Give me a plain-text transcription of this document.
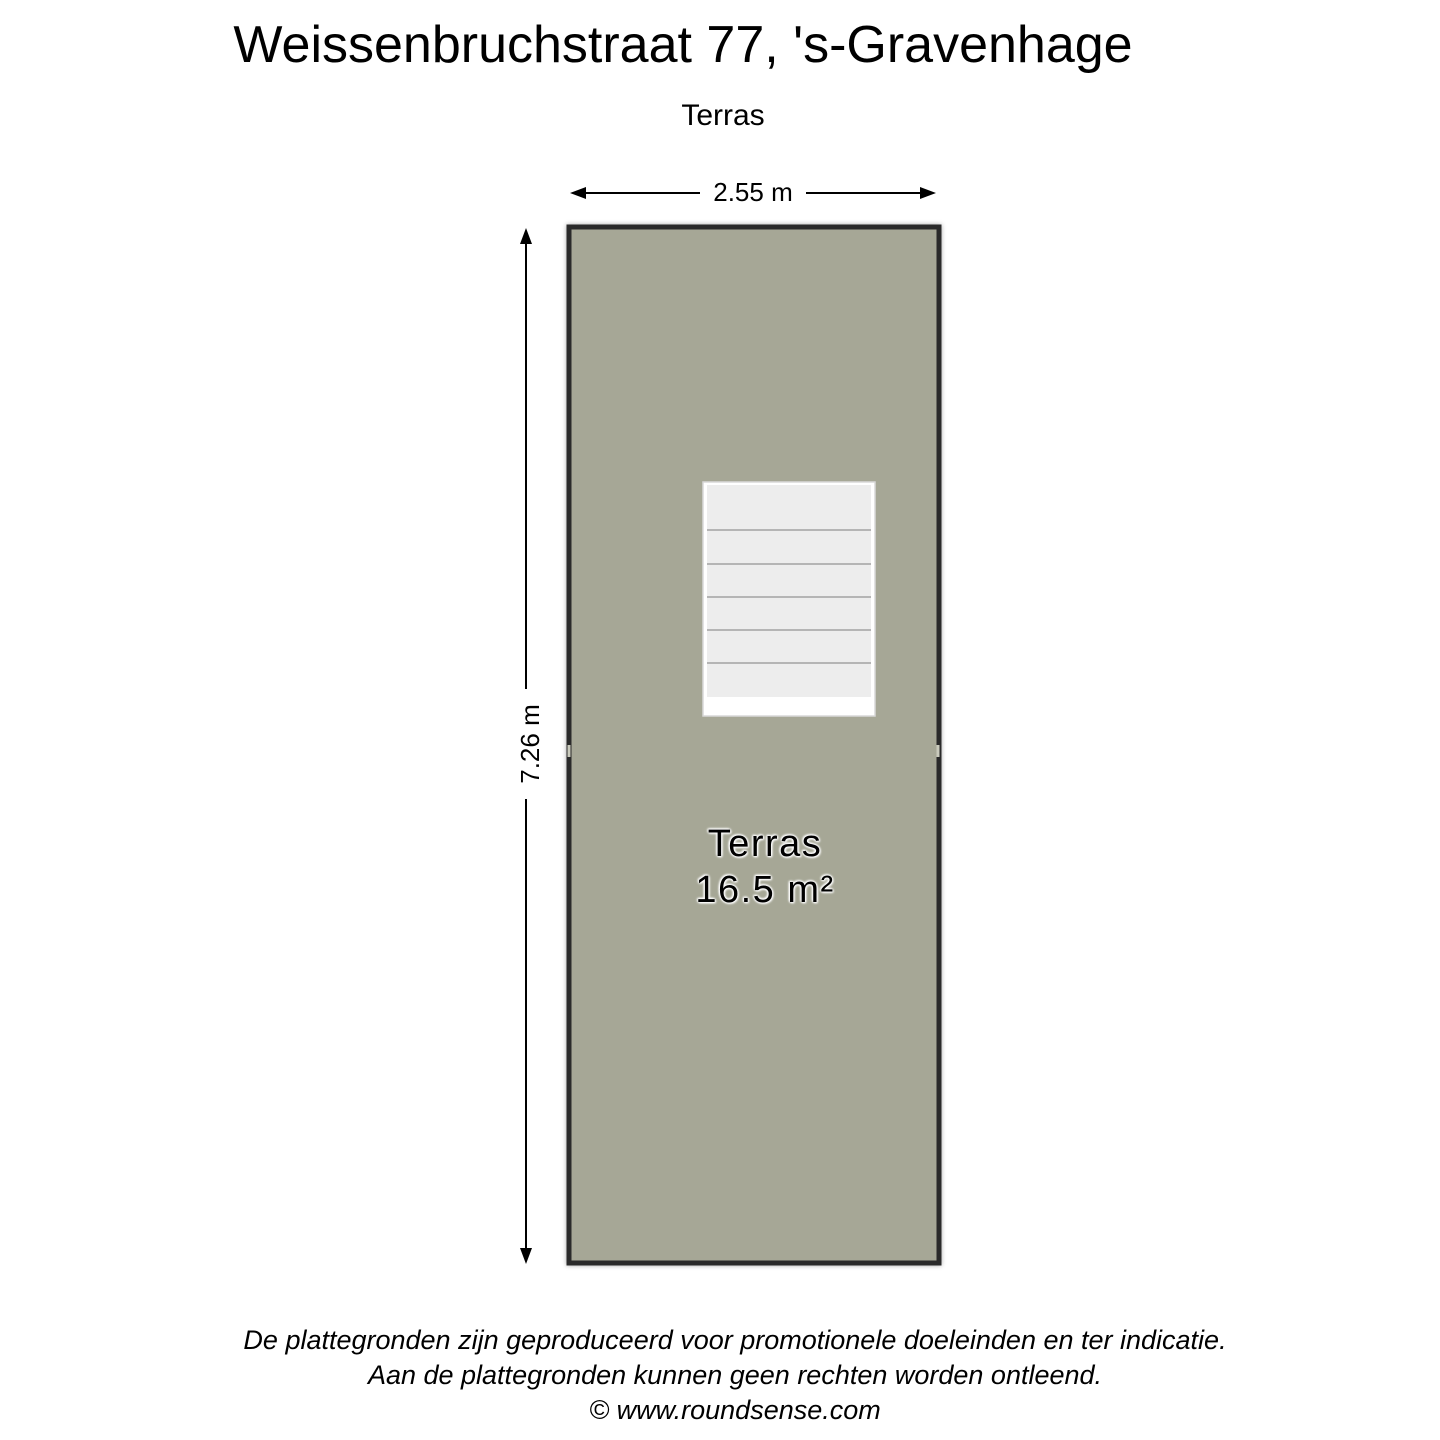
Weissenbruchstraat 77, 's-Gravenhage
Terras
2.55 m
7.26 m
Terras
16.5 m²
De plattegronden zijn geproduceerd voor promotionele doeleinden en ter indicatie.
Aan de plattegronden kunnen geen rechten worden ontleend.
© www.roundsense.com
